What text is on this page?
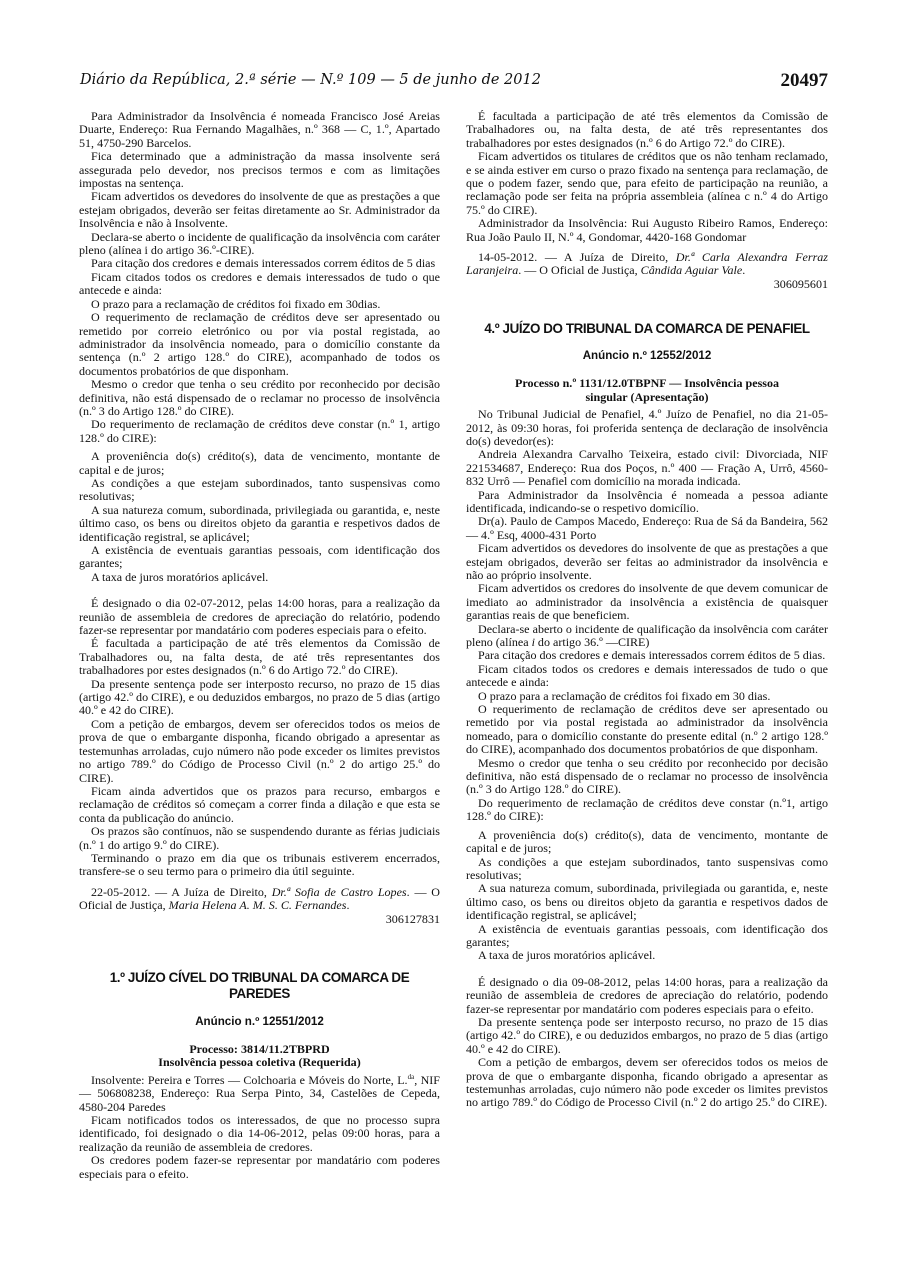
Diário da República, 2.ª série — N.º 109 — 5 de junho de 2012	20497

Para Administrador da Insolvência é nomeada Francisco José Areias Duarte, Endereço: Rua Fernando Magalhães, n.º 368 — C, 1.º, Apartado 51, 4750-290 Barcelos.

Fica determinado que a administração da massa insolvente será assegurada pelo devedor, nos precisos termos e com as limitações impostas na sentença.

Ficam advertidos os devedores do insolvente de que as prestações a que estejam obrigados, deverão ser feitas diretamente ao Sr. Administrador da Insolvência e não à Insolvente.

Declara-se aberto o incidente de qualificação da insolvência com caráter pleno (alínea i do artigo 36.º-CIRE).

Para citação dos credores e demais interessados correm éditos de 5 dias

Ficam citados todos os credores e demais interessados de tudo o que antecede e ainda:

O prazo para a reclamação de créditos foi fixado em 30dias.

O requerimento de reclamação de créditos deve ser apresentado ou remetido por correio eletrónico ou por via postal registada, ao administrador da insolvência nomeado, para o domicílio constante da sentença (n.º 2 artigo 128.º do CIRE), acompanhado de todos os documentos probatórios de que disponham.

Mesmo o credor que tenha o seu crédito por reconhecido por decisão definitiva, não está dispensado de o reclamar no processo de insolvência (n.º 3 do Artigo 128.º do CIRE).

Do requerimento de reclamação de créditos deve constar (n.º 1, artigo 128.º do CIRE):

A proveniência do(s) crédito(s), data de vencimento, montante de capital e de juros;

As condições a que estejam subordinados, tanto suspensivas como resolutivas;

A sua natureza comum, subordinada, privilegiada ou garantida, e, neste último caso, os bens ou direitos objeto da garantia e respetivos dados de identificação registral, se aplicável;

A existência de eventuais garantias pessoais, com identificação dos garantes;

A taxa de juros moratórios aplicável.

É designado o dia 02-07-2012, pelas 14:00 horas, para a realização da reunião de assembleia de credores de apreciação do relatório, podendo fazer-se representar por mandatário com poderes especiais para o efeito.

É facultada a participação de até três elementos da Comissão de Trabalhadores ou, na falta desta, de até três representantes dos trabalhadores por estes designados (n.º 6 do Artigo 72.º do CIRE).

Da presente sentença pode ser interposto recurso, no prazo de 15 dias (artigo 42.º do CIRE), e ou deduzidos embargos, no prazo de 5 dias (artigo 40.º e 42 do CIRE).

Com a petição de embargos, devem ser oferecidos todos os meios de prova de que o embargante disponha, ficando obrigado a apresentar as testemunhas arroladas, cujo número não pode exceder os limites previstos no artigo 789.º do Código de Processo Civil (n.º 2 do artigo 25.º do CIRE).

Ficam ainda advertidos que os prazos para recurso, embargos e reclamação de créditos só começam a correr finda a dilação e que esta se conta da publicação do anúncio.

Os prazos são contínuos, não se suspendendo durante as férias judiciais (n.º 1 do artigo 9.º do CIRE).

Terminando o prazo em dia que os tribunais estiverem encerrados, transfere-se o seu termo para o primeiro dia útil seguinte.

22-05-2012. — A Juíza de Direito, Dr.ª Sofia de Castro Lopes. — O Oficial de Justiça, Maria Helena A. M. S. C. Fernandes.

306127831

1.º JUÍZO CÍVEL DO TRIBUNAL DA COMARCA DE PAREDES

Anúncio n.º 12551/2012

Processo: 3814/11.2TBPRD

Insolvência pessoa coletiva (Requerida)

Insolvente: Pereira e Torres — Colchoaria e Móveis do Norte, L.$^{da}$, NIF — 506808238, Endereço: Rua Serpa Pinto, 34, Castelões de Cepeda, 4580-204 Paredes

Ficam notificados todos os interessados, de que no processo supra identificado, foi designado o dia 14-06-2012, pelas 09:00 horas, para a realização da reunião de assembleia de credores.

Os credores podem fazer-se representar por mandatário com poderes especiais para o efeito.

É facultada a participação de até três elementos da Comissão de Trabalhadores ou, na falta desta, de até três representantes dos trabalhadores por estes designados (n.º 6 do Artigo 72.º do CIRE).

Ficam advertidos os titulares de créditos que os não tenham reclamado, e se ainda estiver em curso o prazo fixado na sentença para reclamação, de que o podem fazer, sendo que, para efeito de participação na reunião, a reclamação pode ser feita na própria assembleia (alínea c n.º 4 do Artigo 75.º do CIRE).

Administrador da Insolvência: Rui Augusto Ribeiro Ramos, Endereço: Rua João Paulo II, N.º 4, Gondomar, 4420-168 Gondomar

14-05-2012. — A Juíza de Direito, Dr.ª Carla Alexandra Ferraz Laranjeira. — O Oficial de Justiça, Cândida Aguiar Vale.

306095601

4.º JUÍZO DO TRIBUNAL DA COMARCA DE PENAFIEL

Anúncio n.º 12552/2012

Processo n.º 1131/12.0TBPNF — Insolvência pessoa

singular (Apresentação)

No Tribunal Judicial de Penafiel, 4.º Juízo de Penafiel, no dia 21-05-2012, às 09:30 horas, foi proferida sentença de declaração de insolvência do(s) devedor(es):

Andreia Alexandra Carvalho Teixeira, estado civil: Divorciada, NIF 221534687, Endereço: Rua dos Poços, n.º 400 — Fração A, Urrô, 4560-832 Urrô — Penafiel com domicílio na morada indicada.

Para Administrador da Insolvência é nomeada a pessoa adiante identificada, indicando-se o respetivo domicílio.

Dr(a). Paulo de Campos Macedo, Endereço: Rua de Sá da Bandeira, 562 — 4.º Esq, 4000-431 Porto

Ficam advertidos os devedores do insolvente de que as prestações a que estejam obrigados, deverão ser feitas ao administrador da insolvência e não ao próprio insolvente.

Ficam advertidos os credores do insolvente de que devem comunicar de imediato ao administrador da insolvência a existência de quaisquer garantias reais de que beneficiem.

Declara-se aberto o incidente de qualificação da insolvência com caráter pleno (alínea i do artigo 36.º —CIRE)

Para citação dos credores e demais interessados correm éditos de 5 dias.

Ficam citados todos os credores e demais interessados de tudo o que antecede e ainda:

O prazo para a reclamação de créditos foi fixado em 30 dias.

O requerimento de reclamação de créditos deve ser apresentado ou remetido por via postal registada ao administrador da insolvência nomeado, para o domicílio constante do presente edital (n.º 2 artigo 128.º do CIRE), acompanhado dos documentos probatórios de que disponham.

Mesmo o credor que tenha o seu crédito por reconhecido por decisão definitiva, não está dispensado de o reclamar no processo de insolvência (n.º 3 do Artigo 128.º do CIRE).

Do requerimento de reclamação de créditos deve constar (n.º1, artigo 128.º do CIRE):

A proveniência do(s) crédito(s), data de vencimento, montante de capital e de juros;

As condições a que estejam subordinados, tanto suspensivas como resolutivas;

A sua natureza comum, subordinada, privilegiada ou garantida, e, neste último caso, os bens ou direitos objeto da garantia e respetivos dados de identificação registral, se aplicável;

A existência de eventuais garantias pessoais, com identificação dos garantes;

A taxa de juros moratórios aplicável.

É designado o dia 09-08-2012, pelas 14:00 horas, para a realização da reunião de assembleia de credores de apreciação do relatório, podendo fazer-se representar por mandatário com poderes especiais para o efeito.

Da presente sentença pode ser interposto recurso, no prazo de 15 dias (artigo 42.º do CIRE), e ou deduzidos embargos, no prazo de 5 dias (artigo 40.º e 42 do CIRE).

Com a petição de embargos, devem ser oferecidos todos os meios de prova de que o embargante disponha, ficando obrigado a apresentar as testemunhas arroladas, cujo número não pode exceder os limites previstos no artigo 789.º do Código de Processo Civil (n.º 2 do artigo 25.º do CIRE).
